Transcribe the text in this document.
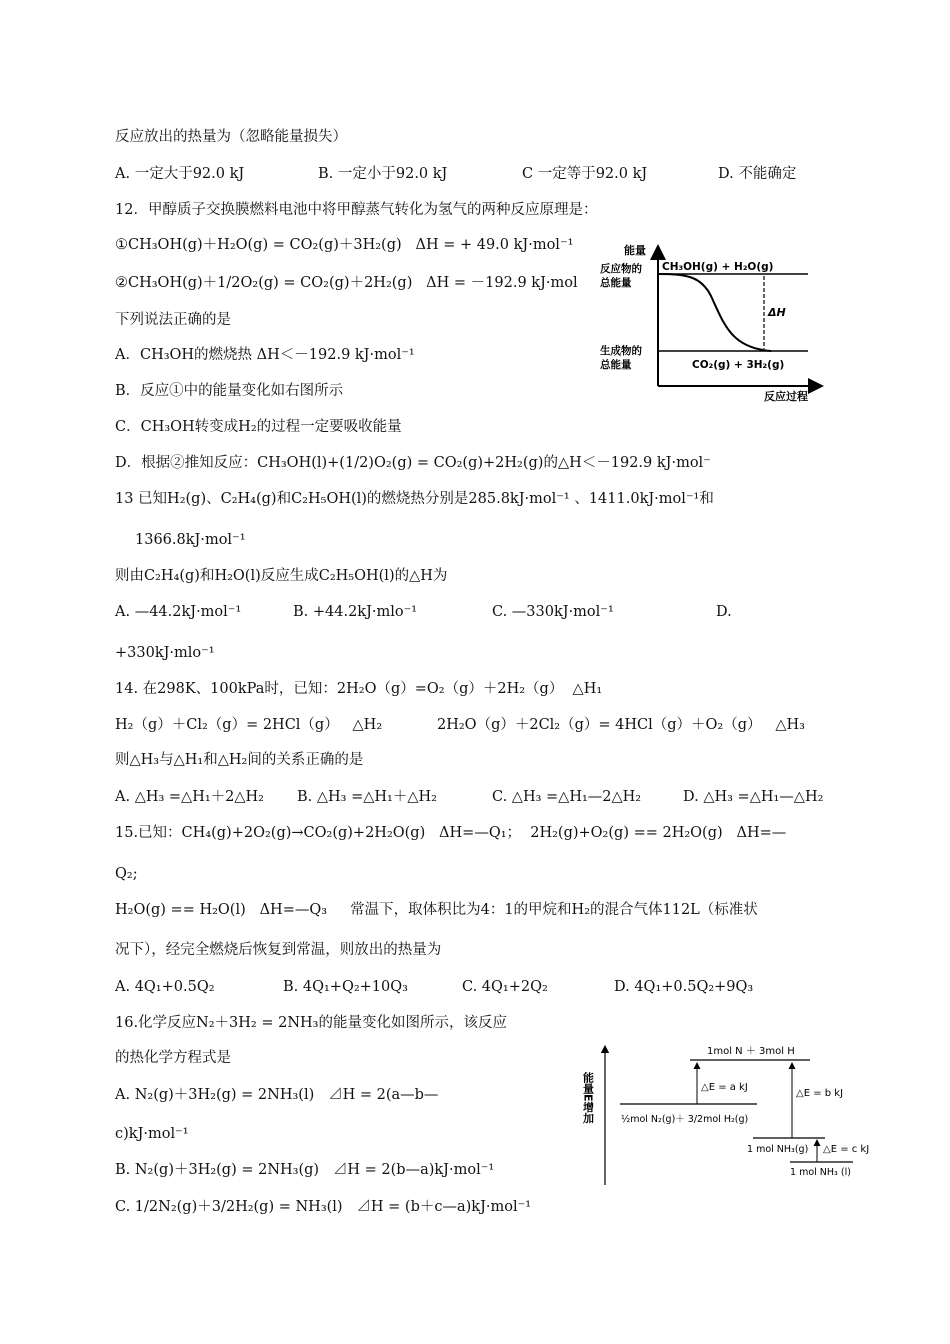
反应放出的热量为（忽略能量损失）
A. 一定大于92.0 kJ	B. 一定小于92.0 kJ	C 一定等于92.0 kJ	D. 不能确定
12．甲醇质子交换膜燃料电池中将甲醇蒸气转化为氢气的两种反应原理是：
①CH₃OH(g)＋H₂O(g) = CO₂(g)＋3H₂(g)   ΔH = + 49.0 kJ·mol⁻¹
②CH₃OH(g)＋1/2O₂(g) = CO₂(g)＋2H₂(g)   ΔH = －192.9 kJ·mol
下列说法正确的是
A．CH₃OH的燃烧热 ΔH＜－192.9 kJ·mol⁻¹
B．反应①中的能量变化如右图所示
C．CH₃OH转变成H₂的过程一定要吸收能量
D．根据②推知反应：CH₃OH(l)+(1/2)O₂(g) = CO₂(g)+2H₂(g)的△H＜－192.9 kJ·mol⁻
13 已知H₂(g)、C₂H₄(g)和C₂H₅OH(l)的燃烧热分别是285.8kJ·mol⁻¹ 、1411.0kJ·mol⁻¹和
1366.8kJ·mol⁻¹
则由C₂H₄(g)和H₂O(l)反应生成C₂H₅OH(l)的△H为
A. —44.2kJ·mol⁻¹	B. +44.2kJ·mlo⁻¹	C. —330kJ·mol⁻¹	D.
+330kJ·mlo⁻¹
14. 在298K、100kPa时，已知：2H₂O（g）=O₂（g）＋2H₂（g）  △H₁
H₂（g）＋Cl₂（g）= 2HCl（g）   △H₂	2H₂O（g）＋2Cl₂（g）= 4HCl（g）＋O₂（g）   △H₃
则△H₃与△H₁和△H₂间的关系正确的是
A. △H₃ =△H₁＋2△H₂ B. △H₃ =△H₁＋△H₂	C. △H₃ =△H₁—2△H₂	D. △H₃ =△H₁—△H₂
15.已知：CH₄(g)+2O₂(g)→CO₂(g)+2H₂O(g)   ΔH=—Q₁；  2H₂(g)+O₂(g) == 2H₂O(g)   ΔH=—
Q₂;
H₂O(g) == H₂O(l)   ΔH=—Q₃     常温下，取体积比为4：1的甲烷和H₂的混合气体112L（标准状
况下），经完全燃烧后恢复到常温，则放出的热量为
A. 4Q₁+0.5Q₂	B. 4Q₁+Q₂+10Q₃	C. 4Q₁+2Q₂	D. 4Q₁+0.5Q₂+9Q₃
16.化学反应N₂＋3H₂ = 2NH₃的能量变化如图所示，该反应
的热化学方程式是
A. N₂(g)＋3H₂(g) = 2NH₃(l)   ⊿H = 2(a—b—
c)kJ·mol⁻¹
B. N₂(g)＋3H₂(g) = 2NH₃(g)   ⊿H = 2(b—a)kJ·mol⁻¹
C. 1/2N₂(g)＋3/2H₂(g) = NH₃(l)   ⊿H = (b＋c—a)kJ·mol⁻¹
ΔH
能量
反应物的
总能量
生成物的
总能量
CH₃OH(g) + H₂O(g)
CO₂(g) + 3H₂(g)
反应过程
能量E增加
1mol N ＋ 3mol H
½mol N₂(g)＋ 3/2mol H₂(g)
△E = a kJ
△E = b kJ
1 mol NH₃(g) △E = c kJ
1 mol NH₃ (l)
